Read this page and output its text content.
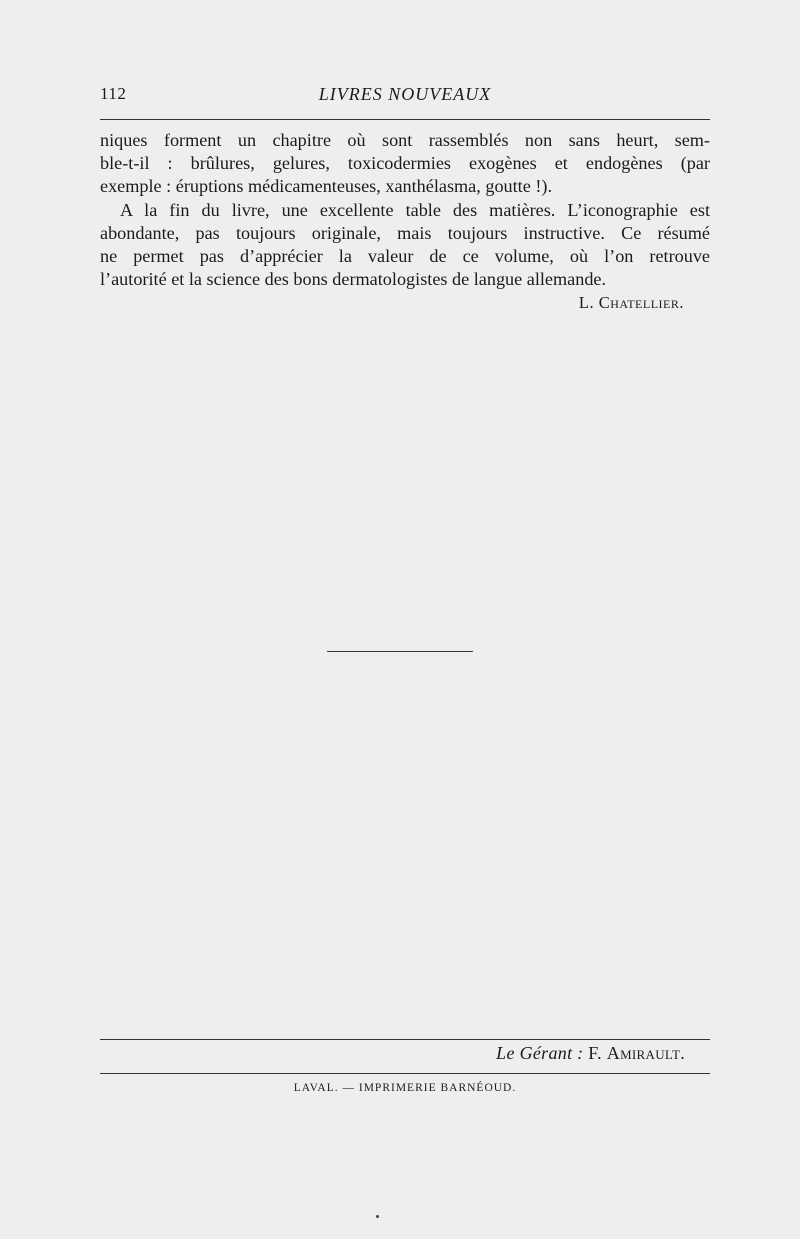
112	LIVRES NOUVEAUX
niques forment un chapitre où sont rassemblés non sans heurt, sem-
ble-t-il : brûlures, gelures, toxicodermies exogènes et endogènes (par
exemple : éruptions médicamenteuses, xanthélasma, goutte !).
A la fin du livre, une excellente table des matières. L’iconographie est
abondante, pas toujours originale, mais toujours instructive. Ce résumé
ne permet pas d’apprécier la valeur de ce volume, où l’on retrouve
l’autorité et la science des bons dermatologistes de langue allemande.
L. Chatellier.
Le Gérant : F. Amirault.
LAVAL. — IMPRIMERIE BARNÉOUD.
